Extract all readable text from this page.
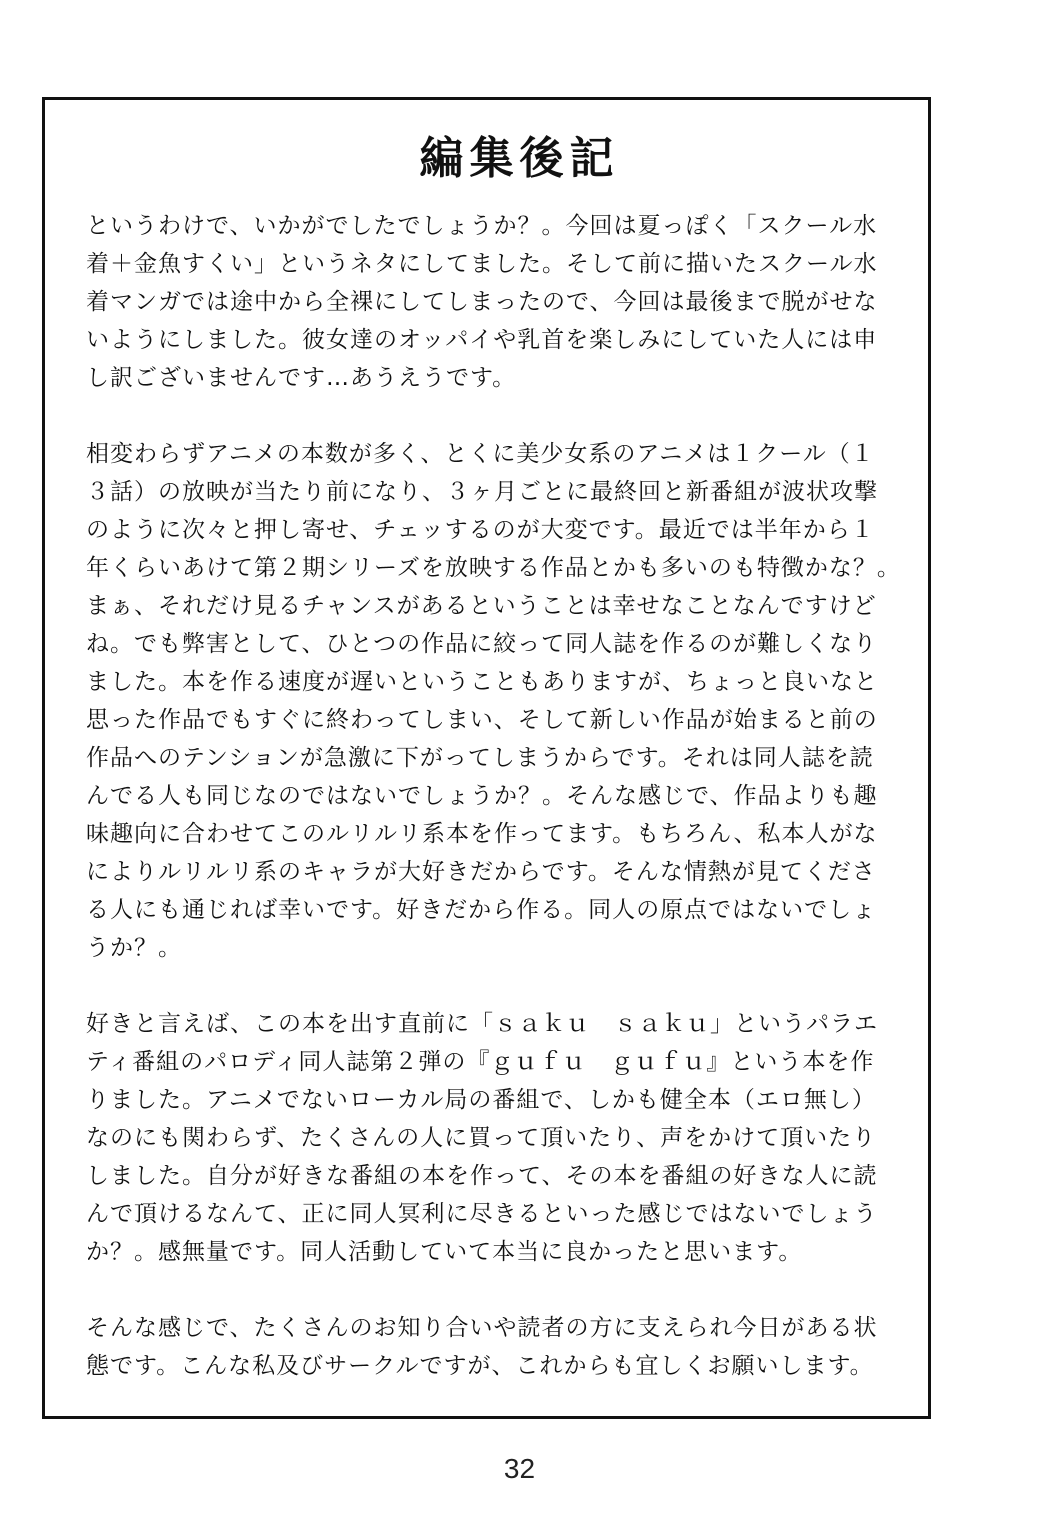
編集後記
というわけで、いかがでしたでしょうか？。今回は夏っぽく「スクール水
着＋金魚すくい」というネタにしてました。そして前に描いたスクール水
着マンガでは途中から全裸にしてしまったので、今回は最後まで脱がせな
いようにしました。彼女達のオッパイや乳首を楽しみにしていた人には申
し訳ございませんです…あうえうです。
相変わらずアニメの本数が多く、とくに美少女系のアニメは１クール（１
３話）の放映が当たり前になり、３ヶ月ごとに最終回と新番組が波状攻撃
のように次々と押し寄せ、チェッするのが大変です。最近では半年から１
年くらいあけて第２期シリーズを放映する作品とかも多いのも特徴かな？。
まぁ、それだけ見るチャンスがあるということは幸せなことなんですけど
ね。でも弊害として、ひとつの作品に絞って同人誌を作るのが難しくなり
ました。本を作る速度が遅いということもありますが、ちょっと良いなと
思った作品でもすぐに終わってしまい、そして新しい作品が始まると前の
作品へのテンションが急激に下がってしまうからです。それは同人誌を読
んでる人も同じなのではないでしょうか？。そんな感じで、作品よりも趣
味趣向に合わせてこのルリルリ系本を作ってます。もちろん、私本人がな
によりルリルリ系のキャラが大好きだからです。そんな情熱が見てくださ
る人にも通じれば幸いです。好きだから作る。同人の原点ではないでしょ
うか？。
好きと言えば、この本を出す直前に「ｓａｋｕ　ｓａｋｕ」というパラエ
ティ番組のパロディ同人誌第２弾の『ｇｕｆｕ　ｇｕｆｕ』という本を作
りました。アニメでないローカル局の番組で、しかも健全本（エロ無し）
なのにも関わらず、たくさんの人に買って頂いたり、声をかけて頂いたり
しました。自分が好きな番組の本を作って、その本を番組の好きな人に読
んで頂けるなんて、正に同人冥利に尽きるといった感じではないでしょう
か？。感無量です。同人活動していて本当に良かったと思います。
そんな感じで、たくさんのお知り合いや読者の方に支えられ今日がある状
態です。こんな私及びサークルですが、これからも宜しくお願いします。
32
